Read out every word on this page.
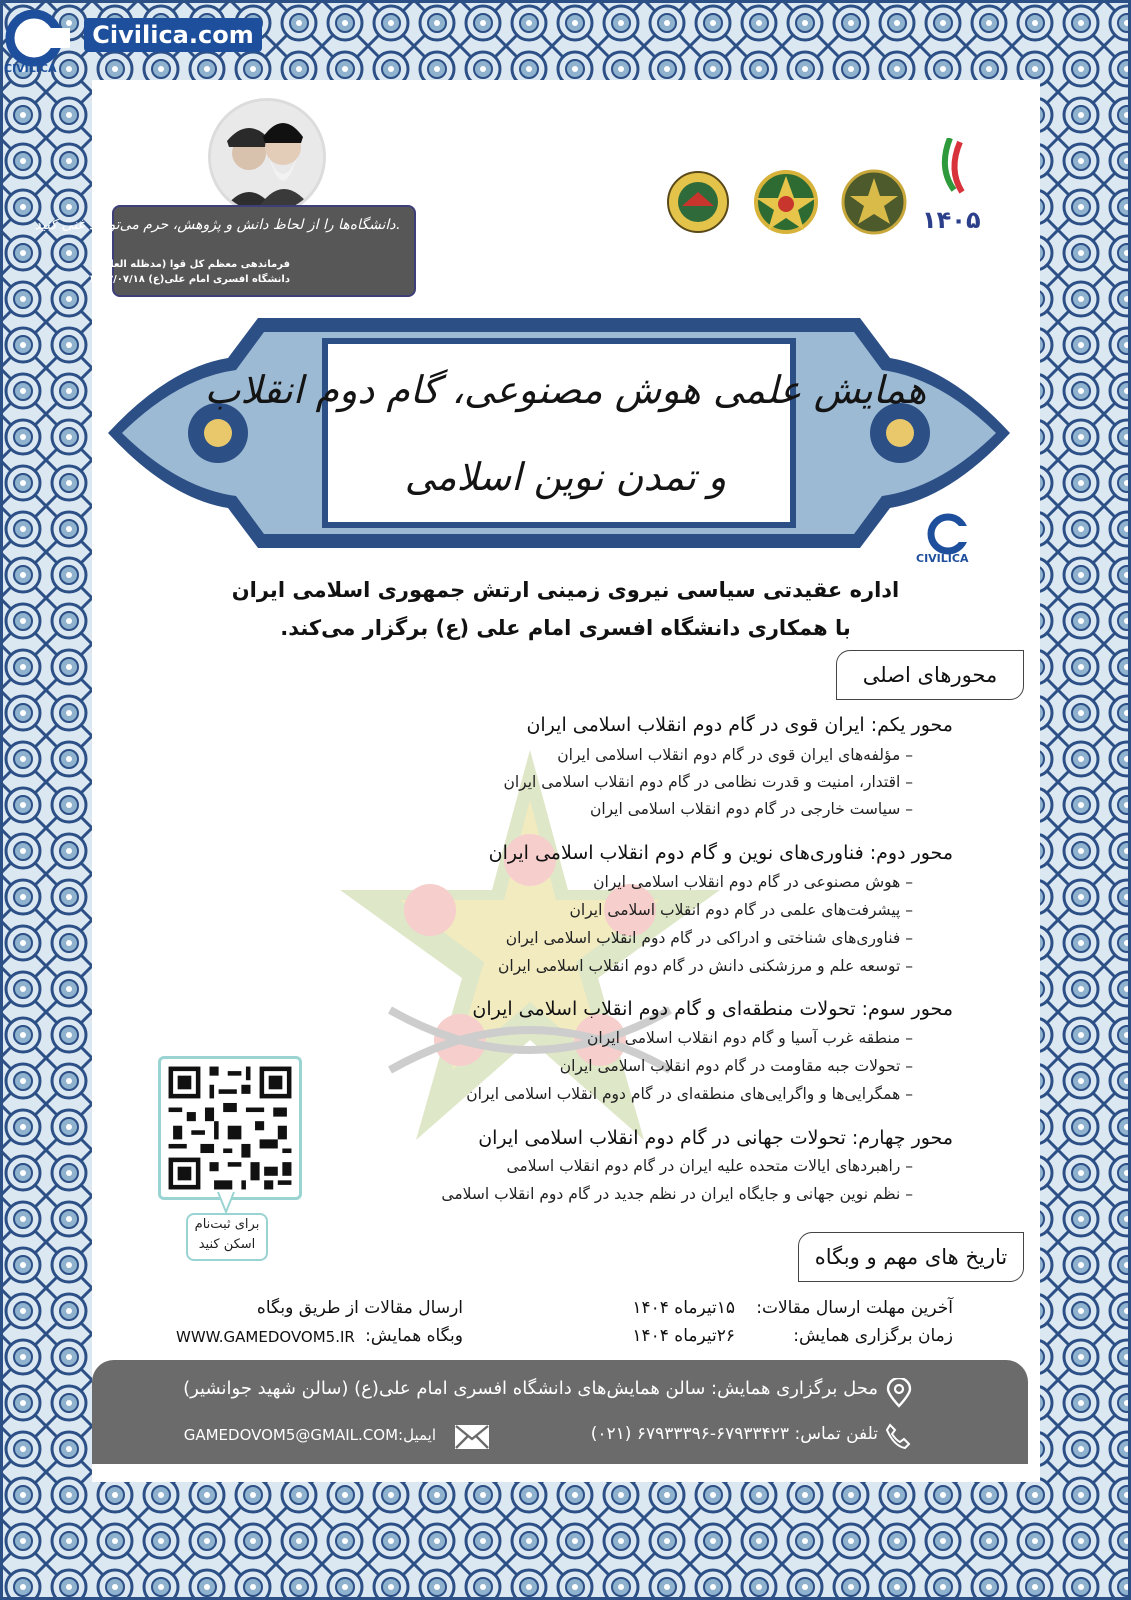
CIVILICA
Civilica.com
دانشگاه‌ها را از لحاظ دانش و پژوهش، حرم می‌توانید غنی کنید.
فرماندهی معظم کل قوا (مدظله العالی)
دانشگاه افسری امام علی(ع) ۱۴۰۲/۰۷/۱۸
۱۴۰۵
همایش علمی هوش مصنوعی، گام دوم انقلاب
و تمدن نوین اسلامی
CIVILICA
اداره عقیدتی سیاسی نیروی زمینی ارتش جمهوری اسلامی ایران
با همکاری دانشگاه افسری امام علی (ع) برگزار می‌کند.
محورهای اصلی
محور یکم: ایران قوی در گام دوم انقلاب اسلامی ایران
– مؤلفه‌های ایران قوی در گام دوم انقلاب اسلامی ایران
– اقتدار، امنیت و قدرت نظامی در گام دوم انقلاب اسلامی ایران
– سیاست خارجی در گام دوم انقلاب اسلامی ایران
محور دوم: فناوری‌های نوین و گام دوم انقلاب اسلامی ایران
– هوش مصنوعی در گام دوم انقلاب اسلامی ایران
– پیشرفت‌های علمی در گام دوم انقلاب اسلامی ایران
– فناوری‌های شناختی و ادراکی در گام دوم انقلاب اسلامی ایران
– توسعه علم و مرزشکنی دانش در گام دوم انقلاب اسلامی ایران
محور سوم: تحولات منطقه‌ای و گام دوم انقلاب اسلامی ایران
– منطقه غرب آسیا و گام دوم انقلاب اسلامی ایران
– تحولات جبه مقاومت در گام دوم انقلاب اسلامی ایران
– همگرایی‌ها و واگرایی‌های منطقه‌ای در گام دوم انقلاب اسلامی ایران
محور چهارم: تحولات جهانی در گام دوم انقلاب اسلامی ایران
– راهبردهای ایالات متحده علیه ایران در گام دوم انقلاب اسلامی
– نظم نوین جهانی و جایگاه ایران در نظم جدید در گام دوم انقلاب اسلامی
برای ثبت‌نام
اسکن کنید
تاریخ های مهم و وبگاه
آخرین مهلت ارسال مقالات:
۱۵تیرماه ۱۴۰۴
زمان برگزاری همایش:
۲۶تیرماه ۱۴۰۴
ارسال مقالات از طریق وبگاه
وبگاه همایش:
WWW.GAMEDOVOM5.IR
محل برگزاری همایش: سالن همایش‌های دانشگاه افسری امام علی(ع) (سالن شهید جوانشیر)
تلفن تماس: ۶۷۹۳۳۴۲۳-۶۷۹۳۳۳۹۶ (۰۲۱)
ایمیل:GAMEDOVOM5@GMAIL.COM
